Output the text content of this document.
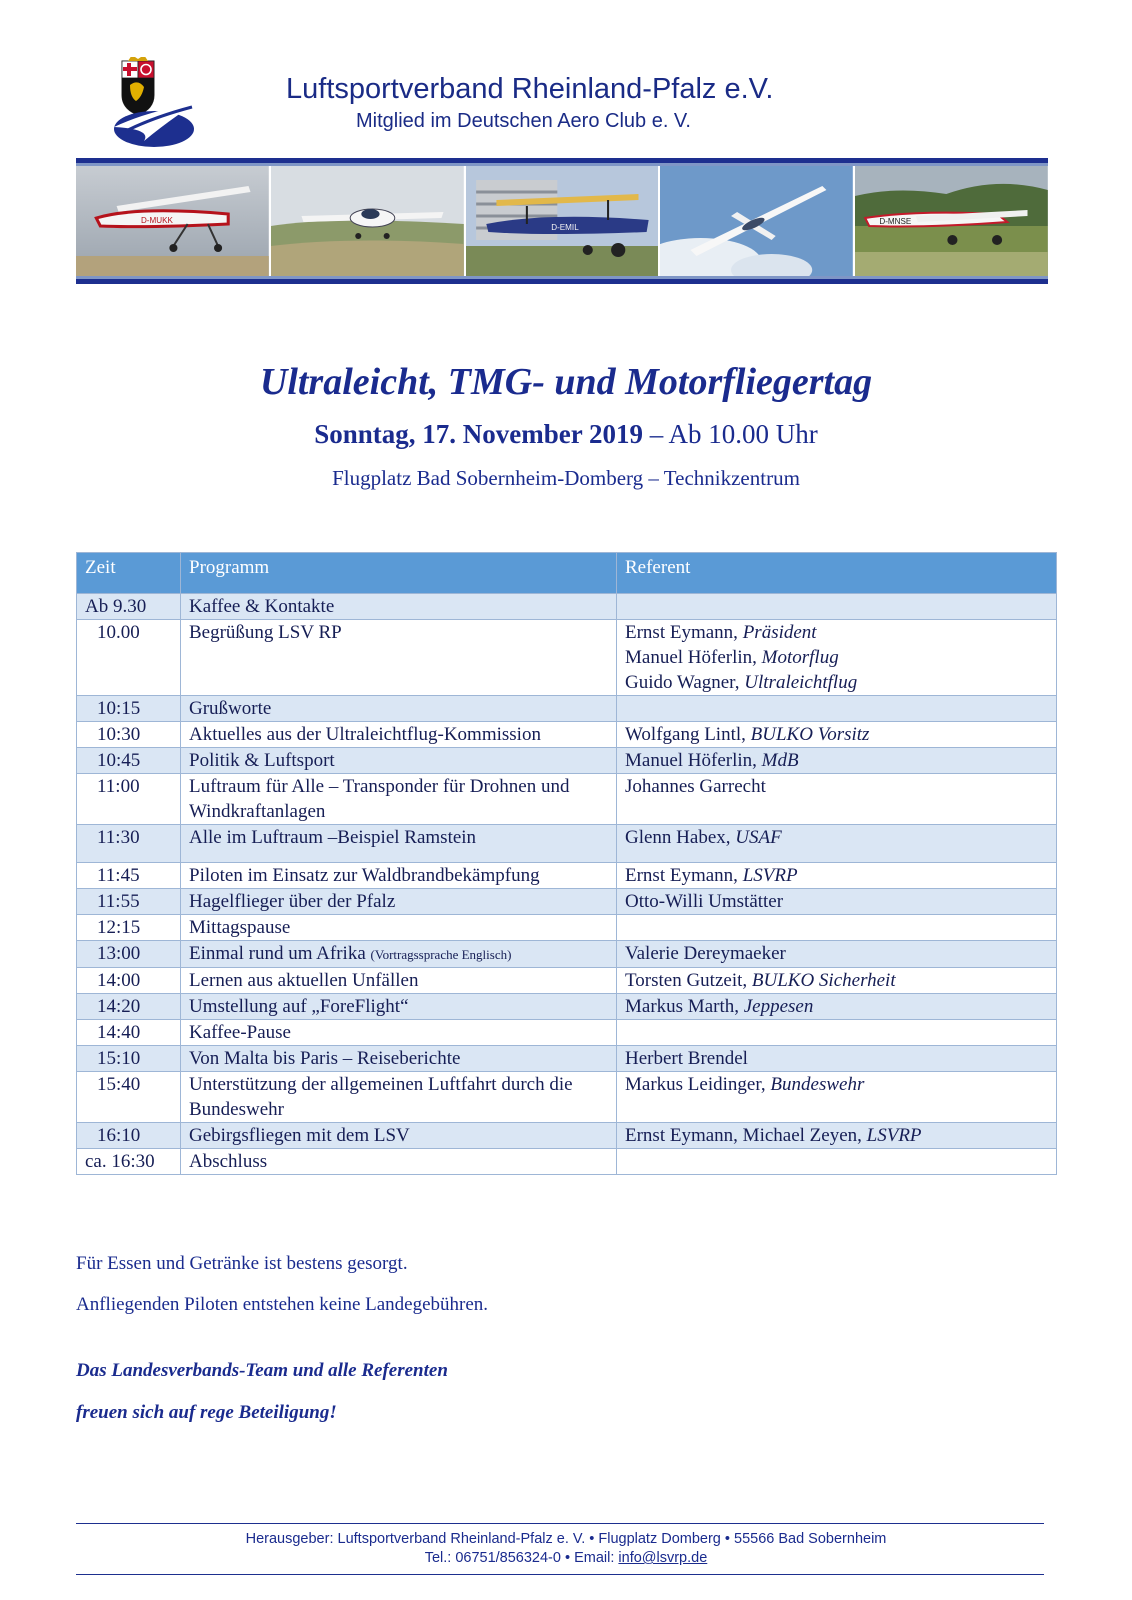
Luftsportverband Rheinland-Pfalz e.V.
Mitglied im Deutschen Aero Club e. V.
D-MUKK
D-EMIL
D-MNSE
Ultraleicht, TMG- und Motorfliegertag
Sonntag, 17. November 2019 – Ab 10.00 Uhr
Flugplatz Bad Sobernheim-Domberg – Technikzentrum
Zeit	Programm	Referent
Ab 9.30	Kaffee & Kontakte	
10.00	Begrüßung LSV RP	Ernst Eymann, Präsident
Manuel Höferlin, Motorflug
Guido Wagner, Ultraleichtflug

10:15	Grußworte	
10:30	Aktuelles aus der Ultraleichtflug-Kommission	Wolfgang Lintl, BULKO Vorsitz

10:45	Politik & Luftsport	Manuel Höferlin, MdB

11:00	Luftraum für Alle – Transponder für Drohnen und Windkraftanlagen	Johannes Garrecht

11:30	Alle im Luftraum –Beispiel Ramstein	Glenn Habex, USAF

11:45	Piloten im Einsatz zur Waldbrandbekämpfung	Ernst Eymann, LSVRP

11:55	Hagelflieger über der Pfalz	Otto-Willi Umstätter

12:15	Mittagspause	
13:00	Einmal rund um Afrika (Vortragssprache Englisch)	Valerie Dereymaeker

14:00	Lernen aus aktuellen Unfällen	Torsten Gutzeit, BULKO Sicherheit

14:20	Umstellung auf „ForeFlight“	Markus Marth, Jeppesen

14:40	Kaffee-Pause	
15:10	Von Malta bis Paris – Reiseberichte	Herbert Brendel

15:40	Unterstützung der allgemeinen Luftfahrt durch die Bundeswehr	Markus Leidinger, Bundeswehr

16:10	Gebirgsfliegen mit dem LSV	Ernst Eymann, Michael Zeyen, LSVRP

ca. 16:30	Abschluss	
Für Essen und Getränke ist bestens gesorgt.
Anfliegenden Piloten entstehen keine Landegebühren.
Das Landesverbands-Team und alle Referenten
freuen sich auf rege Beteiligung!
Herausgeber: Luftsportverband Rheinland-Pfalz e. V. • Flugplatz Domberg • 55566 Bad Sobernheim
Tel.: 06751/856324-0 • Email: info@lsvrp.de
